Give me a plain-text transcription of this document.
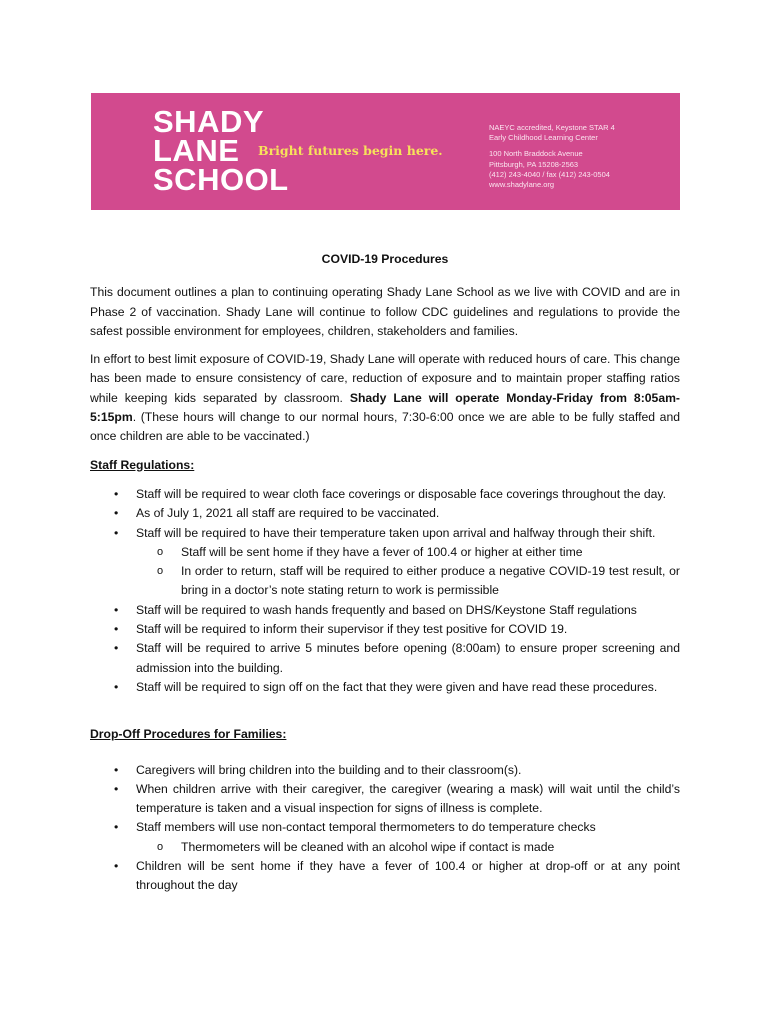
SHADY
LANE
SCHOOL
Bright futures begin here.
NAEYC accredited, Keystone STAR 4
Early Childhood Learning Center
100 North Braddock Avenue
Pittsburgh, PA 15208-2563
(412) 243-4040 / fax (412) 243-0504
www.shadylane.org
COVID-19 Procedures

This document outlines a plan to continuing operating Shady Lane School as we live with COVID and are in Phase 2 of vaccination. Shady Lane will continue to follow CDC guidelines and regulations to provide the safest possible environment for employees, children, stakeholders and families.

In effort to best limit exposure of COVID-19, Shady Lane will operate with reduced hours of care. This change has been made to ensure consistency of care, reduction of exposure and to maintain proper staffing ratios while keeping kids separated by classroom. Shady Lane will operate Monday-Friday from 8:05am-5:15pm. (These hours will change to our normal hours, 7:30-6:00 once we are able to be fully staffed and once children are able to be vaccinated.)

Staff Regulations:
• Staff will be required to wear cloth face coverings or disposable face coverings throughout the day.
• As of July 1, 2021 all staff are required to be vaccinated.
• Staff will be required to have their temperature taken upon arrival and halfway through their shift.
o Staff will be sent home if they have a fever of 100.4 or higher at either time
o In order to return, staff will be required to either produce a negative COVID-19 test result, or bring in a doctor’s note stating return to work is permissible
• Staff will be required to wash hands frequently and based on DHS/Keystone Staff regulations
• Staff will be required to inform their supervisor if they test positive for COVID 19.
• Staff will be required to arrive 5 minutes before opening (8:00am) to ensure proper screening and admission into the building.
• Staff will be required to sign off on the fact that they were given and have read these procedures.
Drop-Off Procedures for Families:
• Caregivers will bring children into the building and to their classroom(s).
• When children arrive with their caregiver, the caregiver (wearing a mask) will wait until the child’s temperature is taken and a visual inspection for signs of illness is complete.
• Staff members will use non-contact temporal thermometers to do temperature checks
o Thermometers will be cleaned with an alcohol wipe if contact is made
• Children will be sent home if they have a fever of 100.4 or higher at drop-off or at any point throughout the day
